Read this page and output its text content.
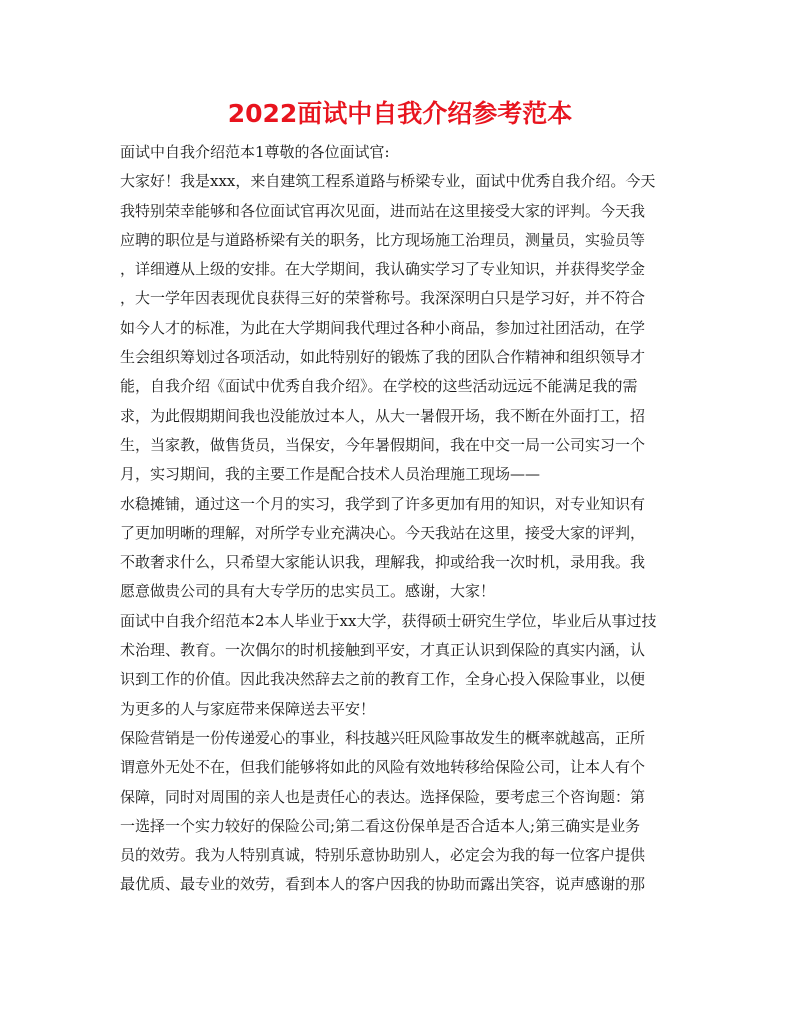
2022面试中自我介绍参考范本
面试中自我介绍范本1尊敬的各位面试官:
大家好！我是xxx，来自建筑工程系道路与桥梁专业，面试中优秀自我介绍。今天
我特别荣幸能够和各位面试官再次见面，进而站在这里接受大家的评判。今天我
应聘的职位是与道路桥梁有关的职务，比方现场施工治理员，测量员，实验员等
，详细遵从上级的安排。在大学期间，我认确实学习了专业知识，并获得奖学金
，大一学年因表现优良获得三好的荣誉称号。我深深明白只是学习好，并不符合
如今人才的标准，为此在大学期间我代理过各种小商品，参加过社团活动，在学
生会组织筹划过各项活动，如此特别好的锻炼了我的团队合作精神和组织领导才
能，自我介绍《面试中优秀自我介绍》。在学校的这些活动远远不能满足我的需
求，为此假期期间我也没能放过本人，从大一暑假开场，我不断在外面打工，招
生，当家教，做售货员，当保安，今年暑假期间，我在中交一局一公司实习一个
月，实习期间，我的主要工作是配合技术人员治理施工现场——
水稳摊铺，通过这一个月的实习，我学到了许多更加有用的知识，对专业知识有
了更加明晰的理解，对所学专业充满决心。今天我站在这里，接受大家的评判，
不敢奢求什么，只希望大家能认识我，理解我，抑或给我一次时机，录用我。我
愿意做贵公司的具有大专学历的忠实员工。感谢，大家！
面试中自我介绍范本2本人毕业于xx大学，获得硕士研究生学位，毕业后从事过技
术治理、教育。一次偶尔的时机接触到平安，才真正认识到保险的真实内涵，认
识到工作的价值。因此我决然辞去之前的教育工作，全身心投入保险事业，以便
为更多的人与家庭带来保障送去平安！
保险营销是一份传递爱心的事业，科技越兴旺风险事故发生的概率就越高，正所
谓意外无处不在，但我们能够将如此的风险有效地转移给保险公司，让本人有个
保障，同时对周围的亲人也是责任心的表达。选择保险，要考虑三个咨询题：第
一选择一个实力较好的保险公司;第二看这份保单是否合适本人;第三确实是业务
员的效劳。我为人特别真诚，特别乐意协助别人，必定会为我的每一位客户提供
最优质、最专业的效劳，看到本人的客户因我的协助而露出笑容，说声感谢的那
